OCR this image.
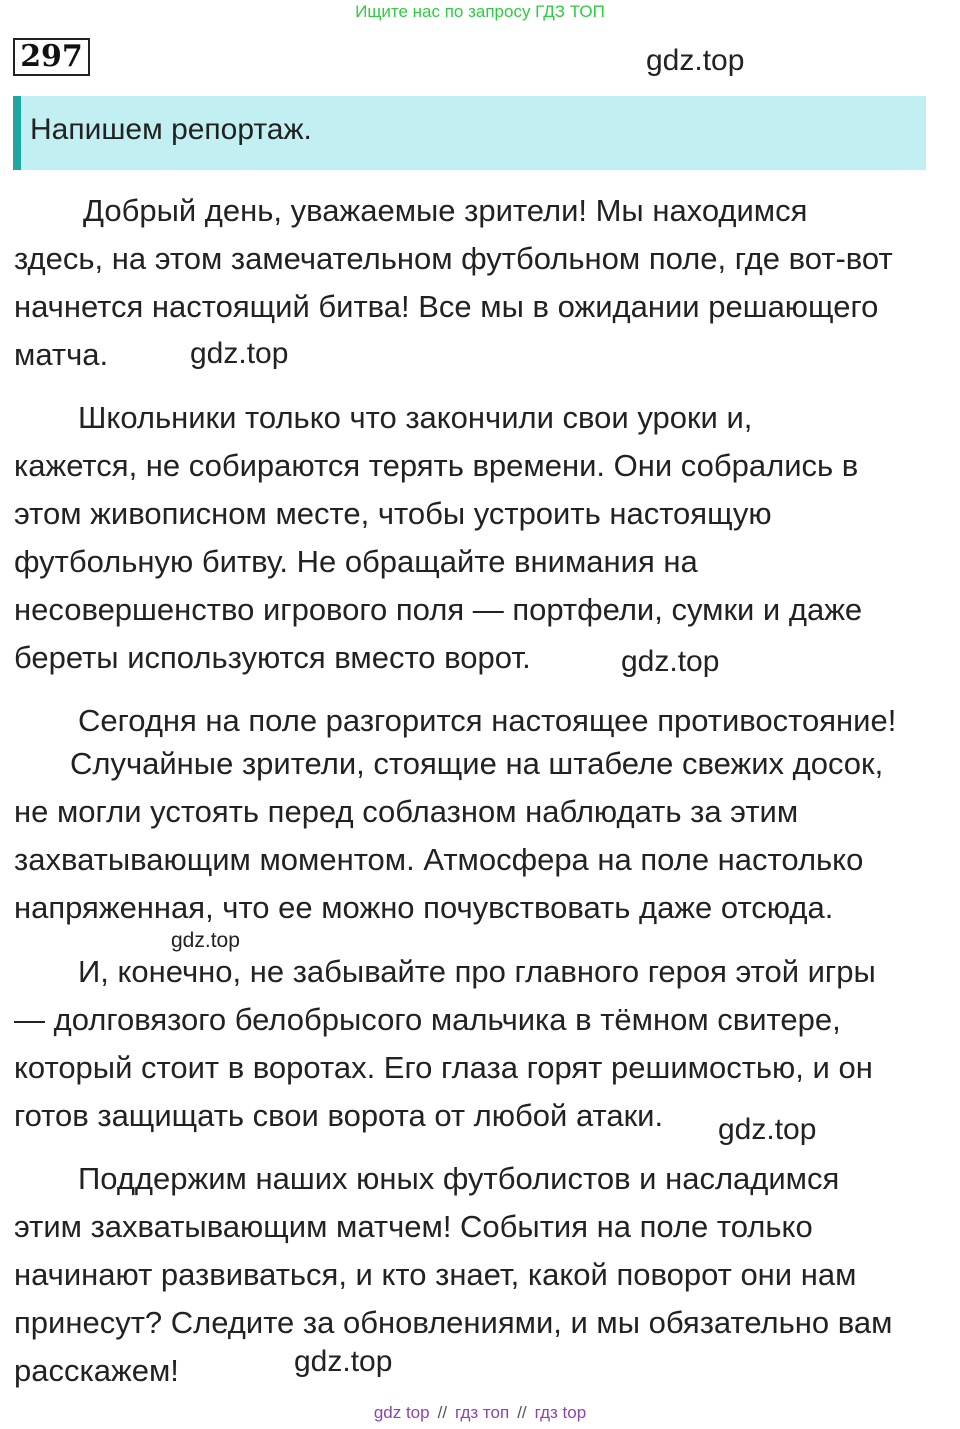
Ищите нас по запросу ГДЗ ТОП
297	gdz.top
Напишем репортаж.
Добрый день, уважаемые зрители! Мы находимся
здесь, на этом замечательном футбольном поле, где вот-вот
начнется настоящий битва! Все мы в ожидании решающего
матча.	gdz.top
Школьники только что закончили свои уроки и,
кажется, не собираются терять времени. Они собрались в
этом живописном месте, чтобы устроить настоящую
футбольную битву. Не обращайте внимания на
несовершенство игрового поля — портфели, сумки и даже
береты используются вместо ворот.	gdz.top
Сегодня на поле разгорится настоящее противостояние!
Случайные зрители, стоящие на штабеле свежих досок,
не могли устоять перед соблазном наблюдать за этим
захватывающим моментом. Атмосфера на поле настолько
напряженная, что ее можно почувствовать даже отсюда.
gdz.top
И, конечно, не забывайте про главного героя этой игры
— долговязого белобрысого мальчика в тёмном свитере,
который стоит в воротах. Его глаза горят решимостью, и он
готов защищать свои ворота от любой атаки. gdz.top
Поддержим наших юных футболистов и насладимся
этим захватывающим матчем! События на поле только
начинают развиваться, и кто знает, какой поворот они нам
принесут? Следите за обновлениями, и мы обязательно вам
расскажем!	gdz.top
gdz top // гдз топ // гдз top
